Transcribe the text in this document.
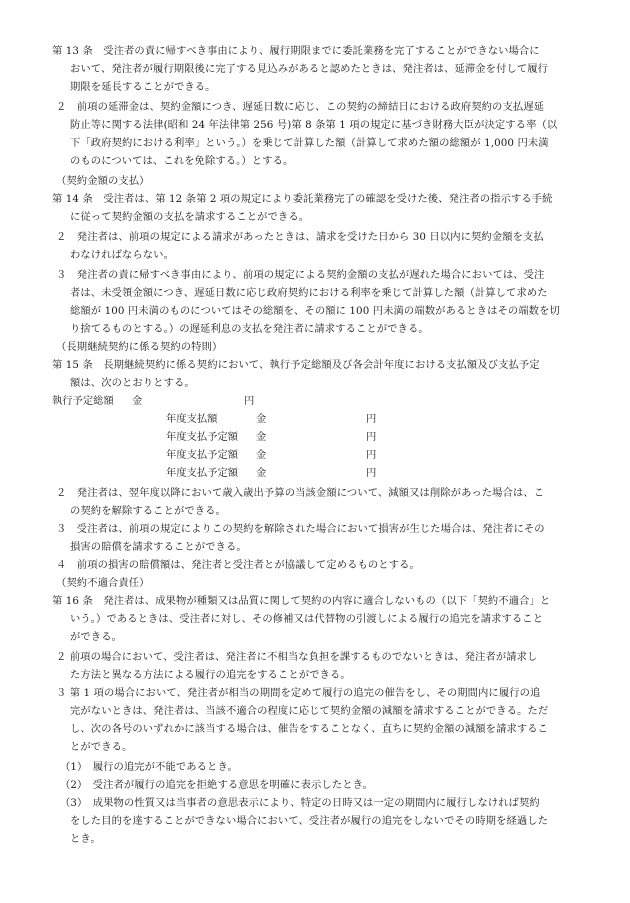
第 13 条　受注者の責に帰すべき事由により、履行期限までに委託業務を完了することができない場合に
おいて、発注者が履行期限後に完了する見込みがあると認めたときは、発注者は、延滞金を付して履行
期限を延長することができる。
２　前項の延滞金は、契約金額につき、遅延日数に応じ、この契約の締結日における政府契約の支払遅延
防止等に関する法律(昭和 24 年法律第 256 号)第 8 条第 1 項の規定に基づき財務大臣が決定する率（以
下「政府契約における利率」という。）を乗じて計算した額（計算して求めた額の総額が 1,000 円未満
のものについては、これを免除する。）とする。
（契約金額の支払）
第 14 条　受注者は、第 12 条第 2 項の規定により委託業務完了の確認を受けた後、発注者の指示する手続
に従って契約金額の支払を請求することができる。
２　発注者は、前項の規定による請求があったときは、請求を受けた日から 30 日以内に契約金額を支払
わなければならない。
３　発注者の責に帰すべき事由により、前項の規定による契約金額の支払が遅れた場合においては、受注
者は、未受領金額につき、遅延日数に応じ政府契約における利率を乗じて計算した額（計算して求めた
総額が 100 円未満のものについてはその総額を、その額に 100 円未満の端数があるときはその端数を切
り捨てるものとする。）の遅延利息の支払を発注者に請求することができる。
（長期継続契約に係る契約の特則）
第 15 条　長期継続契約に係る契約において、執行予定総額及び各会計年度における支払額及び支払予定
額は、次のとおりとする。
執行予定総額 金	円
年度支払額	金	円
年度支払予定額 金	円
年度支払予定額 金	円
年度支払予定額 金	円
２　発注者は、翌年度以降において歳入歳出予算の当該金額について、減額又は削除があった場合は、こ
の契約を解除することができる。
３　受注者は、前項の規定によりこの契約を解除された場合において損害が生じた場合は、発注者にその
損害の賠償を請求することができる。
４　前項の損害の賠償額は、発注者と受注者とが協議して定めるものとする。
（契約不適合責任）
第 16 条　発注者は、成果物が種類又は品質に関して契約の内容に適合しないもの（以下「契約不適合」と
いう。）であるときは、受注者に対し、その修補又は代替物の引渡しによる履行の追完を請求すること
ができる。
２ 前項の場合において、受注者は、発注者に不相当な負担を課するものでないときは、発注者が請求し
た方法と異なる方法による履行の追完をすることができる。
３ 第 1 項の場合において、発注者が相当の期間を定めて履行の追完の催告をし、その期間内に履行の追
完がないときは、発注者は、当該不適合の程度に応じて契約金額の減額を請求することができる。ただ
し、次の各号のいずれかに該当する場合は、催告をすることなく、直ちに契約金額の減額を請求するこ
とができる。
（1）　履行の追完が不能であるとき。
（2）　受注者が履行の追完を拒絶する意思を明確に表示したとき。
（3）　成果物の性質又は当事者の意思表示により、特定の日時又は一定の期間内に履行しなければ契約
をした目的を達することができない場合において、受注者が履行の追完をしないでその時期を経過した
とき。
